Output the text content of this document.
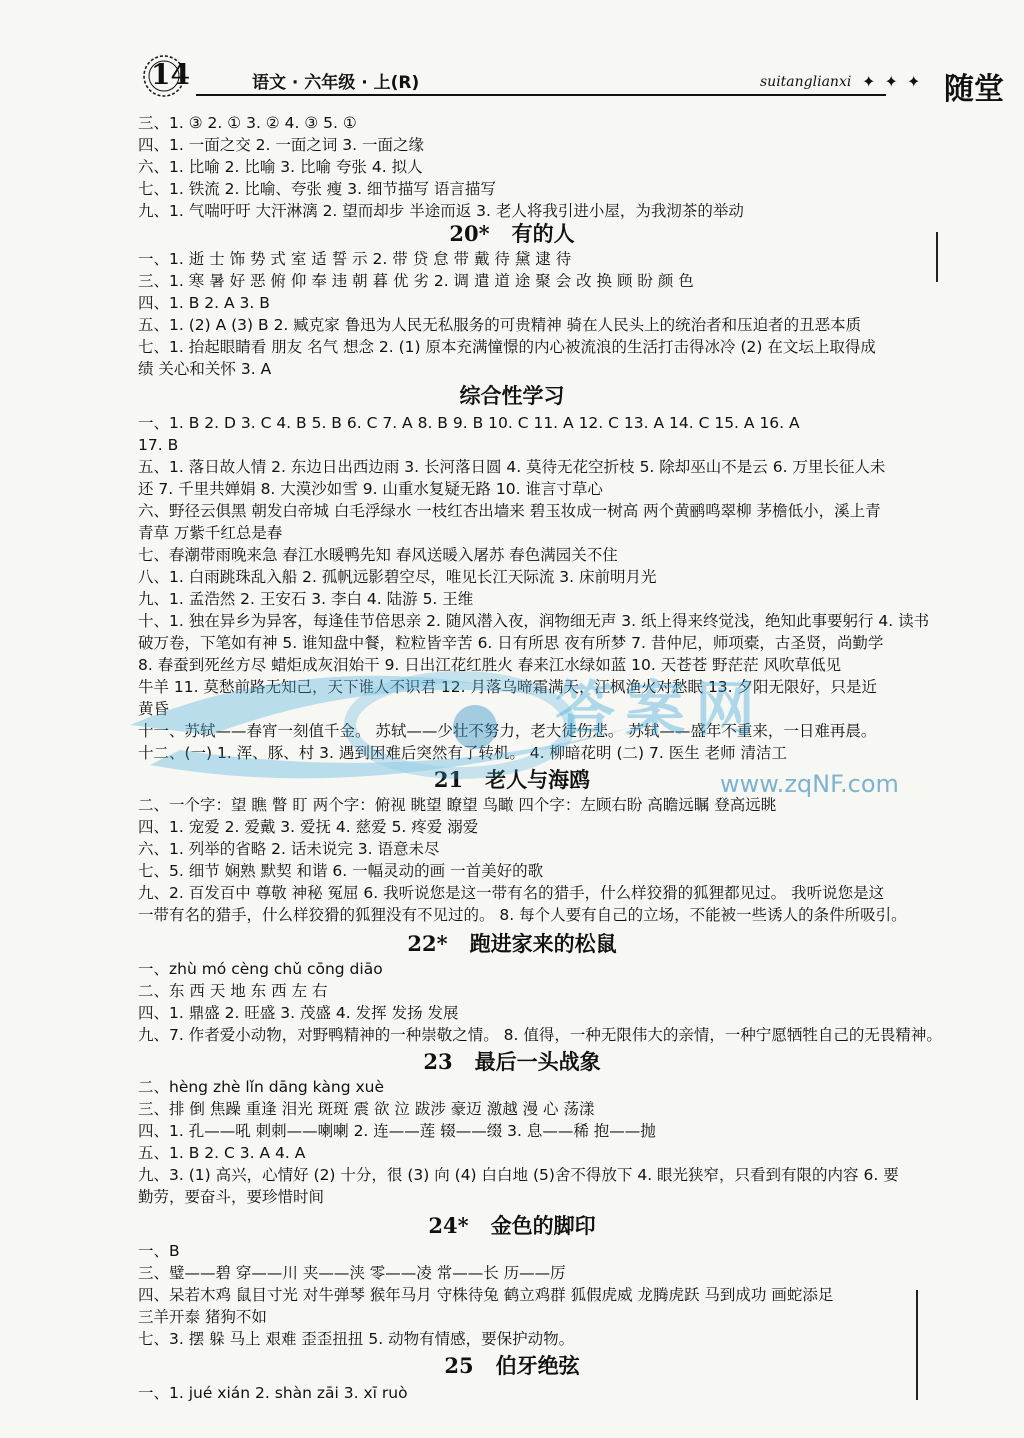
14	语文 · 六年级 · 上(R)	suitanglianxi ✦ ✦ ✦ 随堂
三、1. ③ 2. ① 3. ② 4. ③ 5. ①
四、1. 一面之交 2. 一面之词 3. 一面之缘
六、1. 比喻 2. 比喻 3. 比喻 夸张 4. 拟人
七、1. 铁流 2. 比喻、夸张 瘦 3. 细节描写 语言描写
九、1. 气喘吁吁 大汗淋漓 2. 望而却步 半途而返 3. 老人将我引进小屋，为我沏茶的举动
20* 有的人
一、1. 逝 士 饰 势 式 室 适 誓 示 2. 带 贷 怠 带 戴 待 黛 逮 待
三、1. 寒 暑 好 恶 俯 仰 奉 违 朝 暮 优 劣 2. 调 遣 道 途 聚 会 改 换 顾 盼 颜 色
四、1. B 2. A 3. B
五、1. (2) A (3) B 2. 臧克家 鲁迅为人民无私服务的可贵精神 骑在人民头上的统治者和压迫者的丑恶本质
七、1. 抬起眼睛看 朋友 名气 想念 2. (1) 原本充满憧憬的内心被流浪的生活打击得冰冷 (2) 在文坛上取得成
绩 关心和关怀 3. A
综合性学习
一、1. B 2. D 3. C 4. B 5. B 6. C 7. A 8. B 9. B 10. C 11. A 12. C 13. A 14. C 15. A 16. A
17. B
五、1. 落日故人情 2. 东边日出西边雨 3. 长河落日圆 4. 莫待无花空折枝 5. 除却巫山不是云 6. 万里长征人未
还 7. 千里共婵娟 8. 大漠沙如雪 9. 山重水复疑无路 10. 谁言寸草心
六、野径云俱黑 朝发白帝城 白毛浮绿水 一枝红杏出墙来 碧玉妆成一树高 两个黄鹂鸣翠柳 茅檐低小，溪上青
青草 万紫千红总是春
七、春潮带雨晚来急 春江水暖鸭先知 春风送暖入屠苏 春色满园关不住
八、1. 白雨跳珠乱入船 2. 孤帆远影碧空尽，唯见长江天际流 3. 床前明月光
九、1. 孟浩然 2. 王安石 3. 李白 4. 陆游 5. 王维
十、1. 独在异乡为异客，每逢佳节倍思亲 2. 随风潜入夜，润物细无声 3. 纸上得来终觉浅，绝知此事要躬行 4. 读书
破万卷，下笔如有神 5. 谁知盘中餐，粒粒皆辛苦 6. 日有所思 夜有所梦 7. 昔仲尼，师项橐，古圣贤，尚勤学
8. 春蚕到死丝方尽 蜡炬成灰泪始干 9. 日出江花红胜火 春来江水绿如蓝 10. 天苍苍 野茫茫 风吹草低见
牛羊 11. 莫愁前路无知己，天下谁人不识君 12. 月落乌啼霜满天，江枫渔火对愁眠 13. 夕阳无限好，只是近
黄昏
十一、苏轼——春宵一刻值千金。 苏轼——少壮不努力，老大徒伤悲。 苏轼——盛年不重来，一日难再晨。
十二、(一) 1. 浑、豚、村 3. 遇到困难后突然有了转机。 4. 柳暗花明 (二) 7. 医生 老师 清洁工
21 老人与海鸥
二、一个字：望 瞧 瞥 盯 两个字：俯视 眺望 瞭望 鸟瞰 四个字：左顾右盼 高瞻远瞩 登高远眺
四、1. 宠爱 2. 爱戴 3. 爱抚 4. 慈爱 5. 疼爱 溺爱
六、1. 列举的省略 2. 话未说完 3. 语意未尽
七、5. 细节 娴熟 默契 和谐 6. 一幅灵动的画 一首美好的歌
九、2. 百发百中 尊敬 神秘 冤屈 6. 我听说您是这一带有名的猎手，什么样狡猾的狐狸都见过。 我听说您是这
一带有名的猎手，什么样狡猾的狐狸没有不见过的。 8. 每个人要有自己的立场，不能被一些诱人的条件所吸引。
22* 跑进家来的松鼠
一、zhù mó cèng chǔ cōng diāo
二、东 西 天 地 东 西 左 右
四、1. 鼎盛 2. 旺盛 3. 茂盛 4. 发挥 发扬 发展
九、7. 作者爱小动物，对野鸭精神的一种崇敬之情。 8. 值得，一种无限伟大的亲情，一种宁愿牺牲自己的无畏精神。
23 最后一头战象
二、hèng zhè lǐn dāng kàng xuè
三、排 倒 焦躁 重逢 泪光 斑斑 震 欲 泣 跋涉 豪迈 激越 漫 心 荡漾
四、1. 孔——吼 刺刺——喇喇 2. 连——莲 辍——缀 3. 息——稀 抱——抛
五、1. B 2. C 3. A 4. A
九、3. (1) 高兴，心情好 (2) 十分，很 (3) 向 (4) 白白地 (5)舍不得放下 4. 眼光狭窄，只看到有限的内容 6. 要
勤劳，要奋斗，要珍惜时间
24* 金色的脚印
一、B
三、璧——碧 穿——川 夹——浃 零——凌 常——长 历——厉
四、呆若木鸡 鼠目寸光 对牛弹琴 猴年马月 守株待兔 鹤立鸡群 狐假虎威 龙腾虎跃 马到成功 画蛇添足
三羊开泰 猪狗不如
七、3. 摆 躲 马上 艰难 歪歪扭扭 5. 动物有情感，要保护动物。
25 伯牙绝弦
一、1. jué xián 2. shàn zāi 3. xī ruò
答案网
www.zqNF.com
